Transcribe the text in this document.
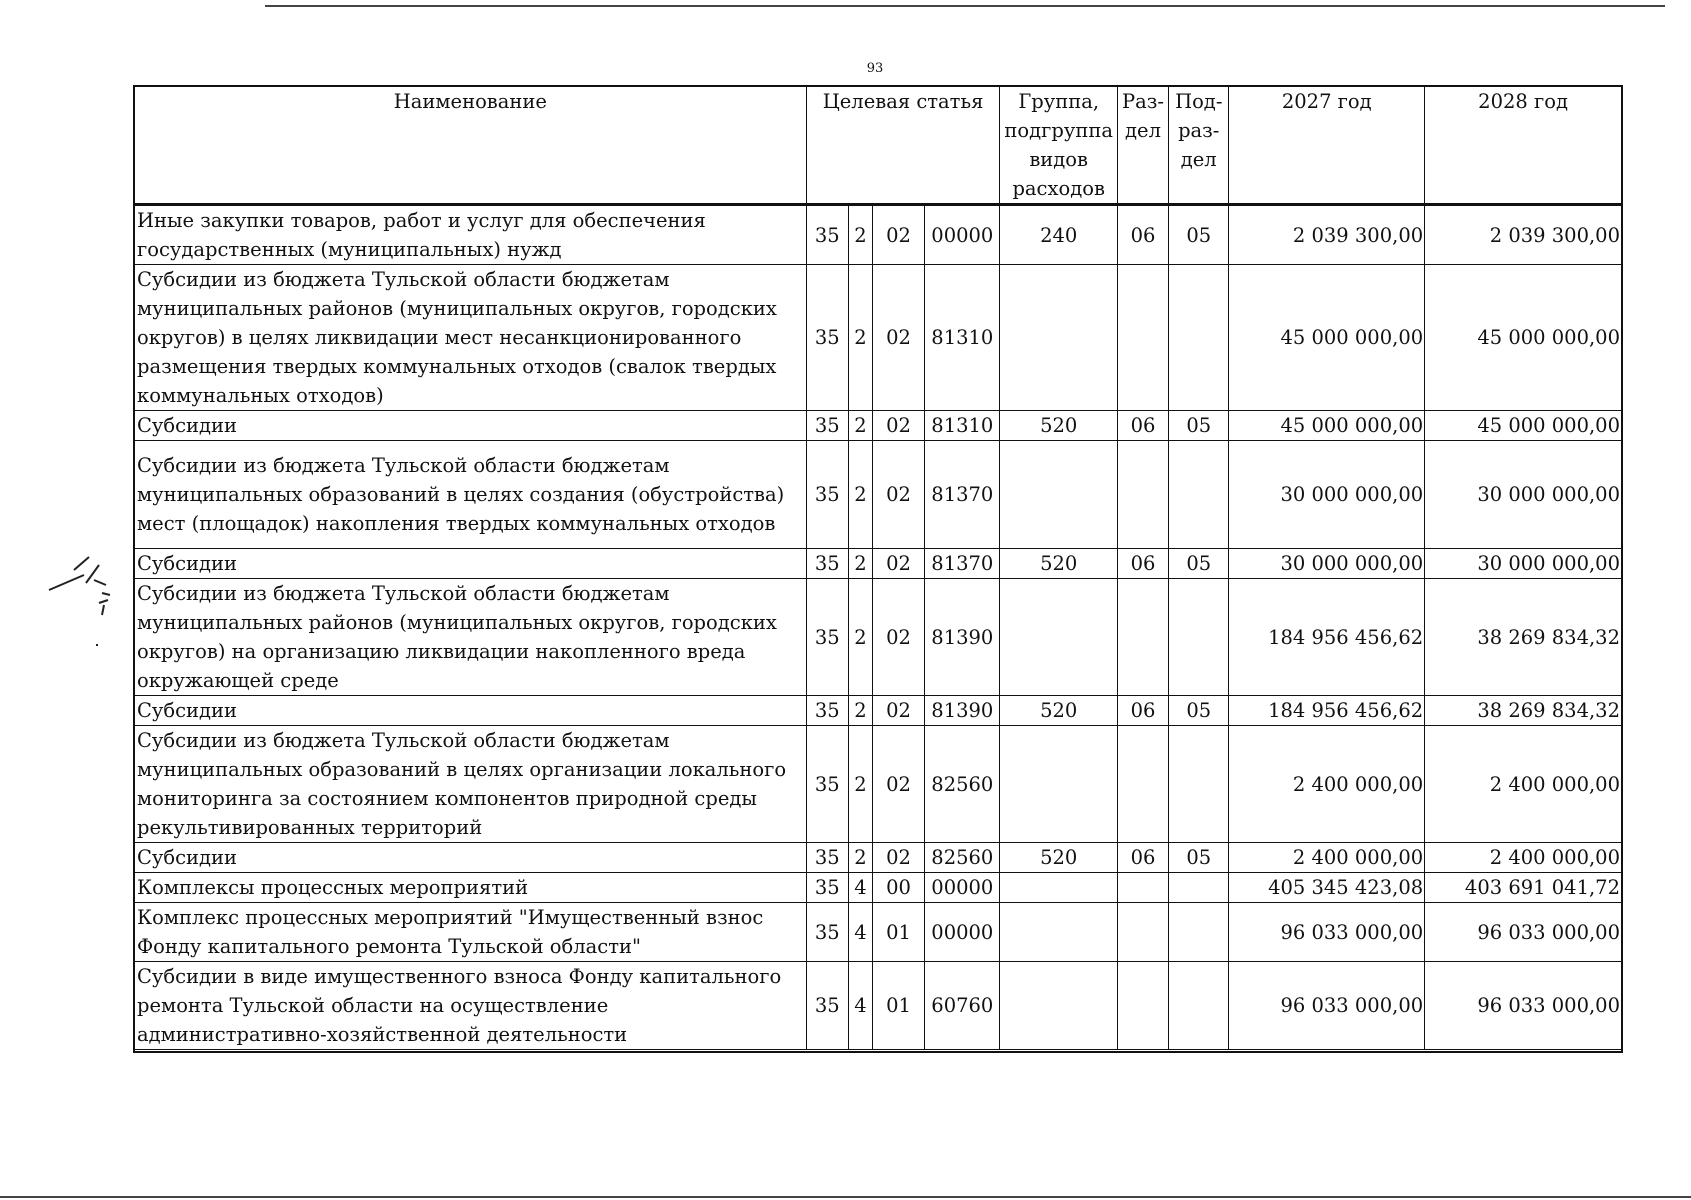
93
Наименование	Целевая статья				Группа, подгруппа видов расходов	Раз- дел	Под- раз- дел	2027 год	2028 год
Иные закупки товаров, работ и услуг для обеспечения государственных (муниципальных) нужд	35	2	02	00000	240	06	05	2 039 300,00	2 039 300,00
Субсидии из бюджета Тульской области бюджетам муниципальных районов (муниципальных округов, городских округов) в целях ликвидации мест несанкционированного размещения твердых коммунальных отходов (свалок твердых коммунальных отходов)	35	2	02	81310				45 000 000,00	45 000 000,00
Субсидии	35	2	02	81310	520	06	05	45 000 000,00	45 000 000,00
Субсидии из бюджета Тульской области бюджетам муниципальных образований в целях создания (обустройства) мест (площадок) накопления твердых коммунальных отходов	35	2	02	81370				30 000 000,00	30 000 000,00
Субсидии	35	2	02	81370	520	06	05	30 000 000,00	30 000 000,00
Субсидии из бюджета Тульской области бюджетам муниципальных районов (муниципальных округов, городских округов) на организацию ликвидации накопленного вреда окружающей среде	35	2	02	81390				184 956 456,62	38 269 834,32
Субсидии	35	2	02	81390	520	06	05	184 956 456,62	38 269 834,32
Субсидии из бюджета Тульской области бюджетам муниципальных образований в целях организации локального мониторинга за состоянием компонентов природной среды рекультивированных территорий	35	2	02	82560				2 400 000,00	2 400 000,00
Субсидии	35	2	02	82560	520	06	05	2 400 000,00	2 400 000,00
Комплексы процессных мероприятий	35	4	00	00000				405 345 423,08	403 691 041,72
Комплекс процессных мероприятий "Имущественный взнос Фонду капитального ремонта Тульской области"	35	4	01	00000				96 033 000,00	96 033 000,00
Субсидии в виде имущественного взноса Фонду капитального ремонта Тульской области на осуществление административно-хозяйственной деятельности	35	4	01	60760				96 033 000,00	96 033 000,00
